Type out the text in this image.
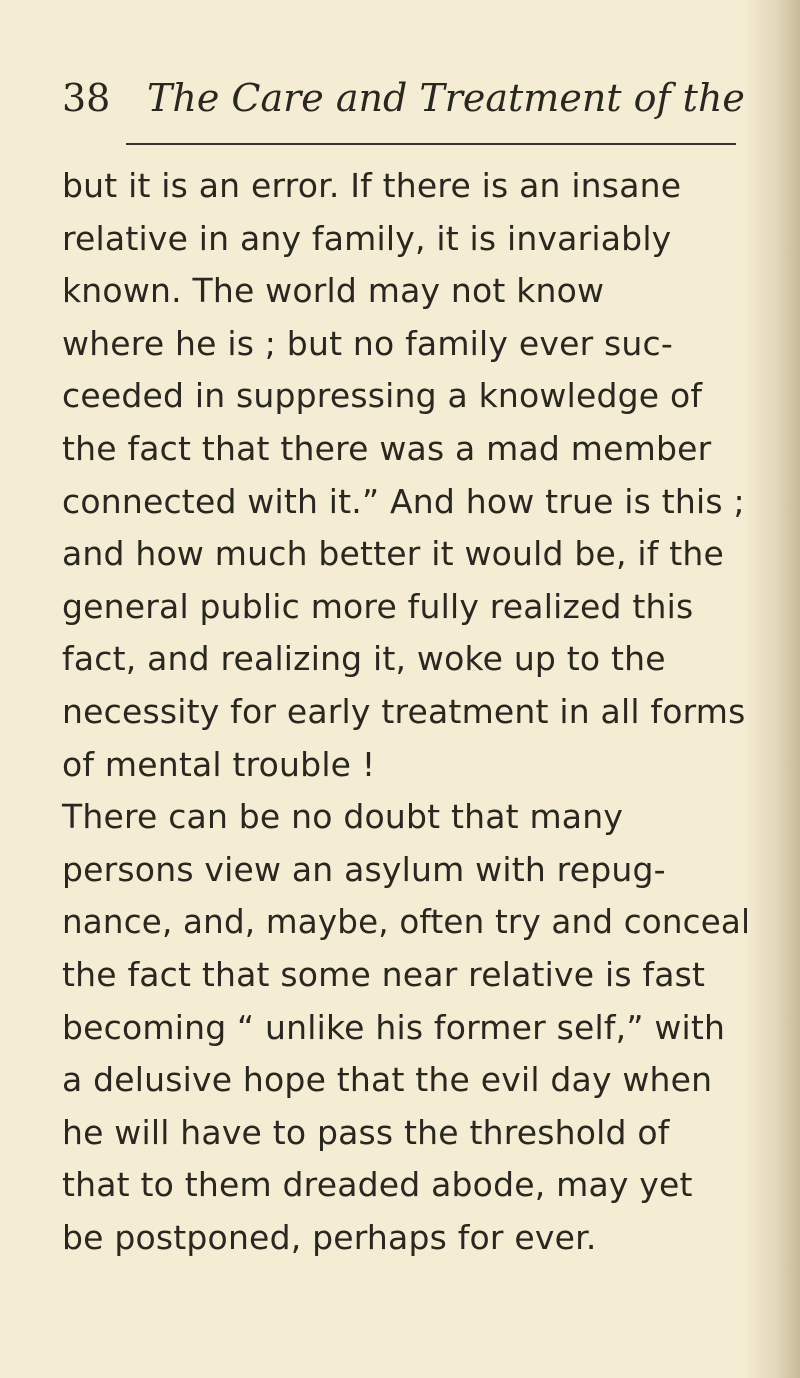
38 The Care and Treatment of the
but it is an error. If there is an insane
relative in any family, it is invariably
known. The world may not know
where he is ; but no family ever suc-
ceeded in suppressing a knowledge of
the fact that there was a mad member
connected with it.” And how true is this ;
and how much better it would be, if the
general public more fully realized this
fact, and realizing it, woke up to the
necessity for early treatment in all forms
of mental trouble !
There can be no doubt that many
persons view an asylum with repug-
nance, and, maybe, often try and conceal
the fact that some near relative is fast
becoming “ unlike his former self,” with
a delusive hope that the evil day when
he will have to pass the threshold of
that to them dreaded abode, may yet
be postponed, perhaps for ever.
